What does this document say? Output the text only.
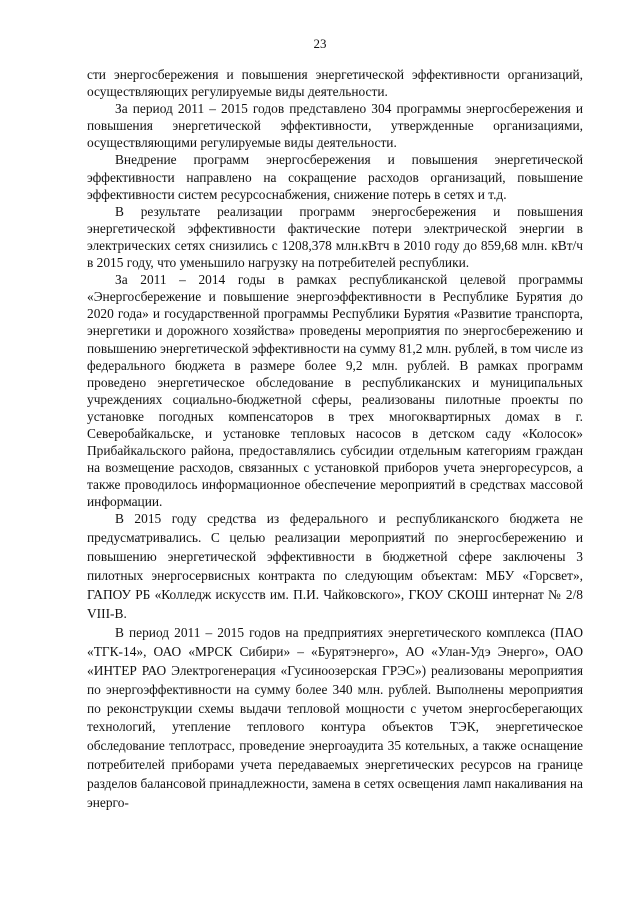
23

сти энергосбережения и повышения энергетической эффективности организаций, осуществляющих регулируемые виды деятельности.

За период 2011 – 2015 годов представлено 304 программы энергосбережения и повышения энергетической эффективности, утвержденные организациями, осуществляющими регулируемые виды деятельности.

Внедрение программ энергосбережения и повышения энергетической эффективности направлено на сокращение расходов организаций, повышение эффективности систем ресурсоснабжения, снижение потерь в сетях и т.д.

В результате реализации программ энергосбережения и повышения энергетической эффективности фактические потери электрической энергии в электрических сетях снизились с 1208,378 млн.кВтч в 2010 году до 859,68 млн. кВт/ч в 2015 году, что уменьшило нагрузку на потребителей республики.

За 2011 – 2014 годы в рамках республиканской целевой программы «Энергосбережение и повышение энергоэффективности в Республике Бурятия до 2020 года» и государственной программы Республики Бурятия «Развитие транспорта, энергетики и дорожного хозяйства» проведены мероприятия по энергосбережению и повышению энергетической эффективности на сумму 81,2 млн. рублей, в том числе из федерального бюджета в размере более 9,2 млн. рублей. В рамках программ проведено энергетическое обследование в республиканских и муниципальных учреждениях социально-бюджетной сферы, реализованы пилотные проекты по установке погодных компенсаторов в трех многоквартирных домах в г. Северобайкальске, и установке тепловых насосов в детском саду «Колосок» Прибайкальского района, предоставлялись субсидии отдельным категориям граждан на возмещение расходов, связанных с установкой приборов учета энергоресурсов, а также проводилось информационное обеспечение мероприятий в средствах массовой информации.

В 2015 году средства из федерального и республиканского бюджета не предусматривались. С целью реализации мероприятий по энергосбережению и повышению энергетической эффективности в бюджетной сфере заключены 3 пилотных энергосервисных контракта по следующим объектам: МБУ «Горсвет», ГАПОУ РБ «Колледж искусств им. П.И. Чайковского», ГКОУ СКОШ интернат № 2/8 VIII-В.

В период 2011 – 2015 годов на предприятиях энергетического комплекса (ПАО «ТГК-14», ОАО «МРСК Сибири» – «Бурятэнерго», АО «Улан-Удэ Энерго», ОАО «ИНТЕР РАО Электрогенерация «Гусиноозерская ГРЭС») реализованы мероприятия по энергоэффективности на сумму более 340 млн. рублей. Выполнены мероприятия по реконструкции схемы выдачи тепловой мощности с учетом энергосберегающих технологий, утепление теплового контура объектов ТЭК, энергетическое обследование теплотрасс, проведение энергоаудита 35 котельных, а также оснащение потребителей приборами учета передаваемых энергетических ресурсов на границе разделов балансовой принадлежности, замена в сетях освещения ламп накаливания на энерго-
